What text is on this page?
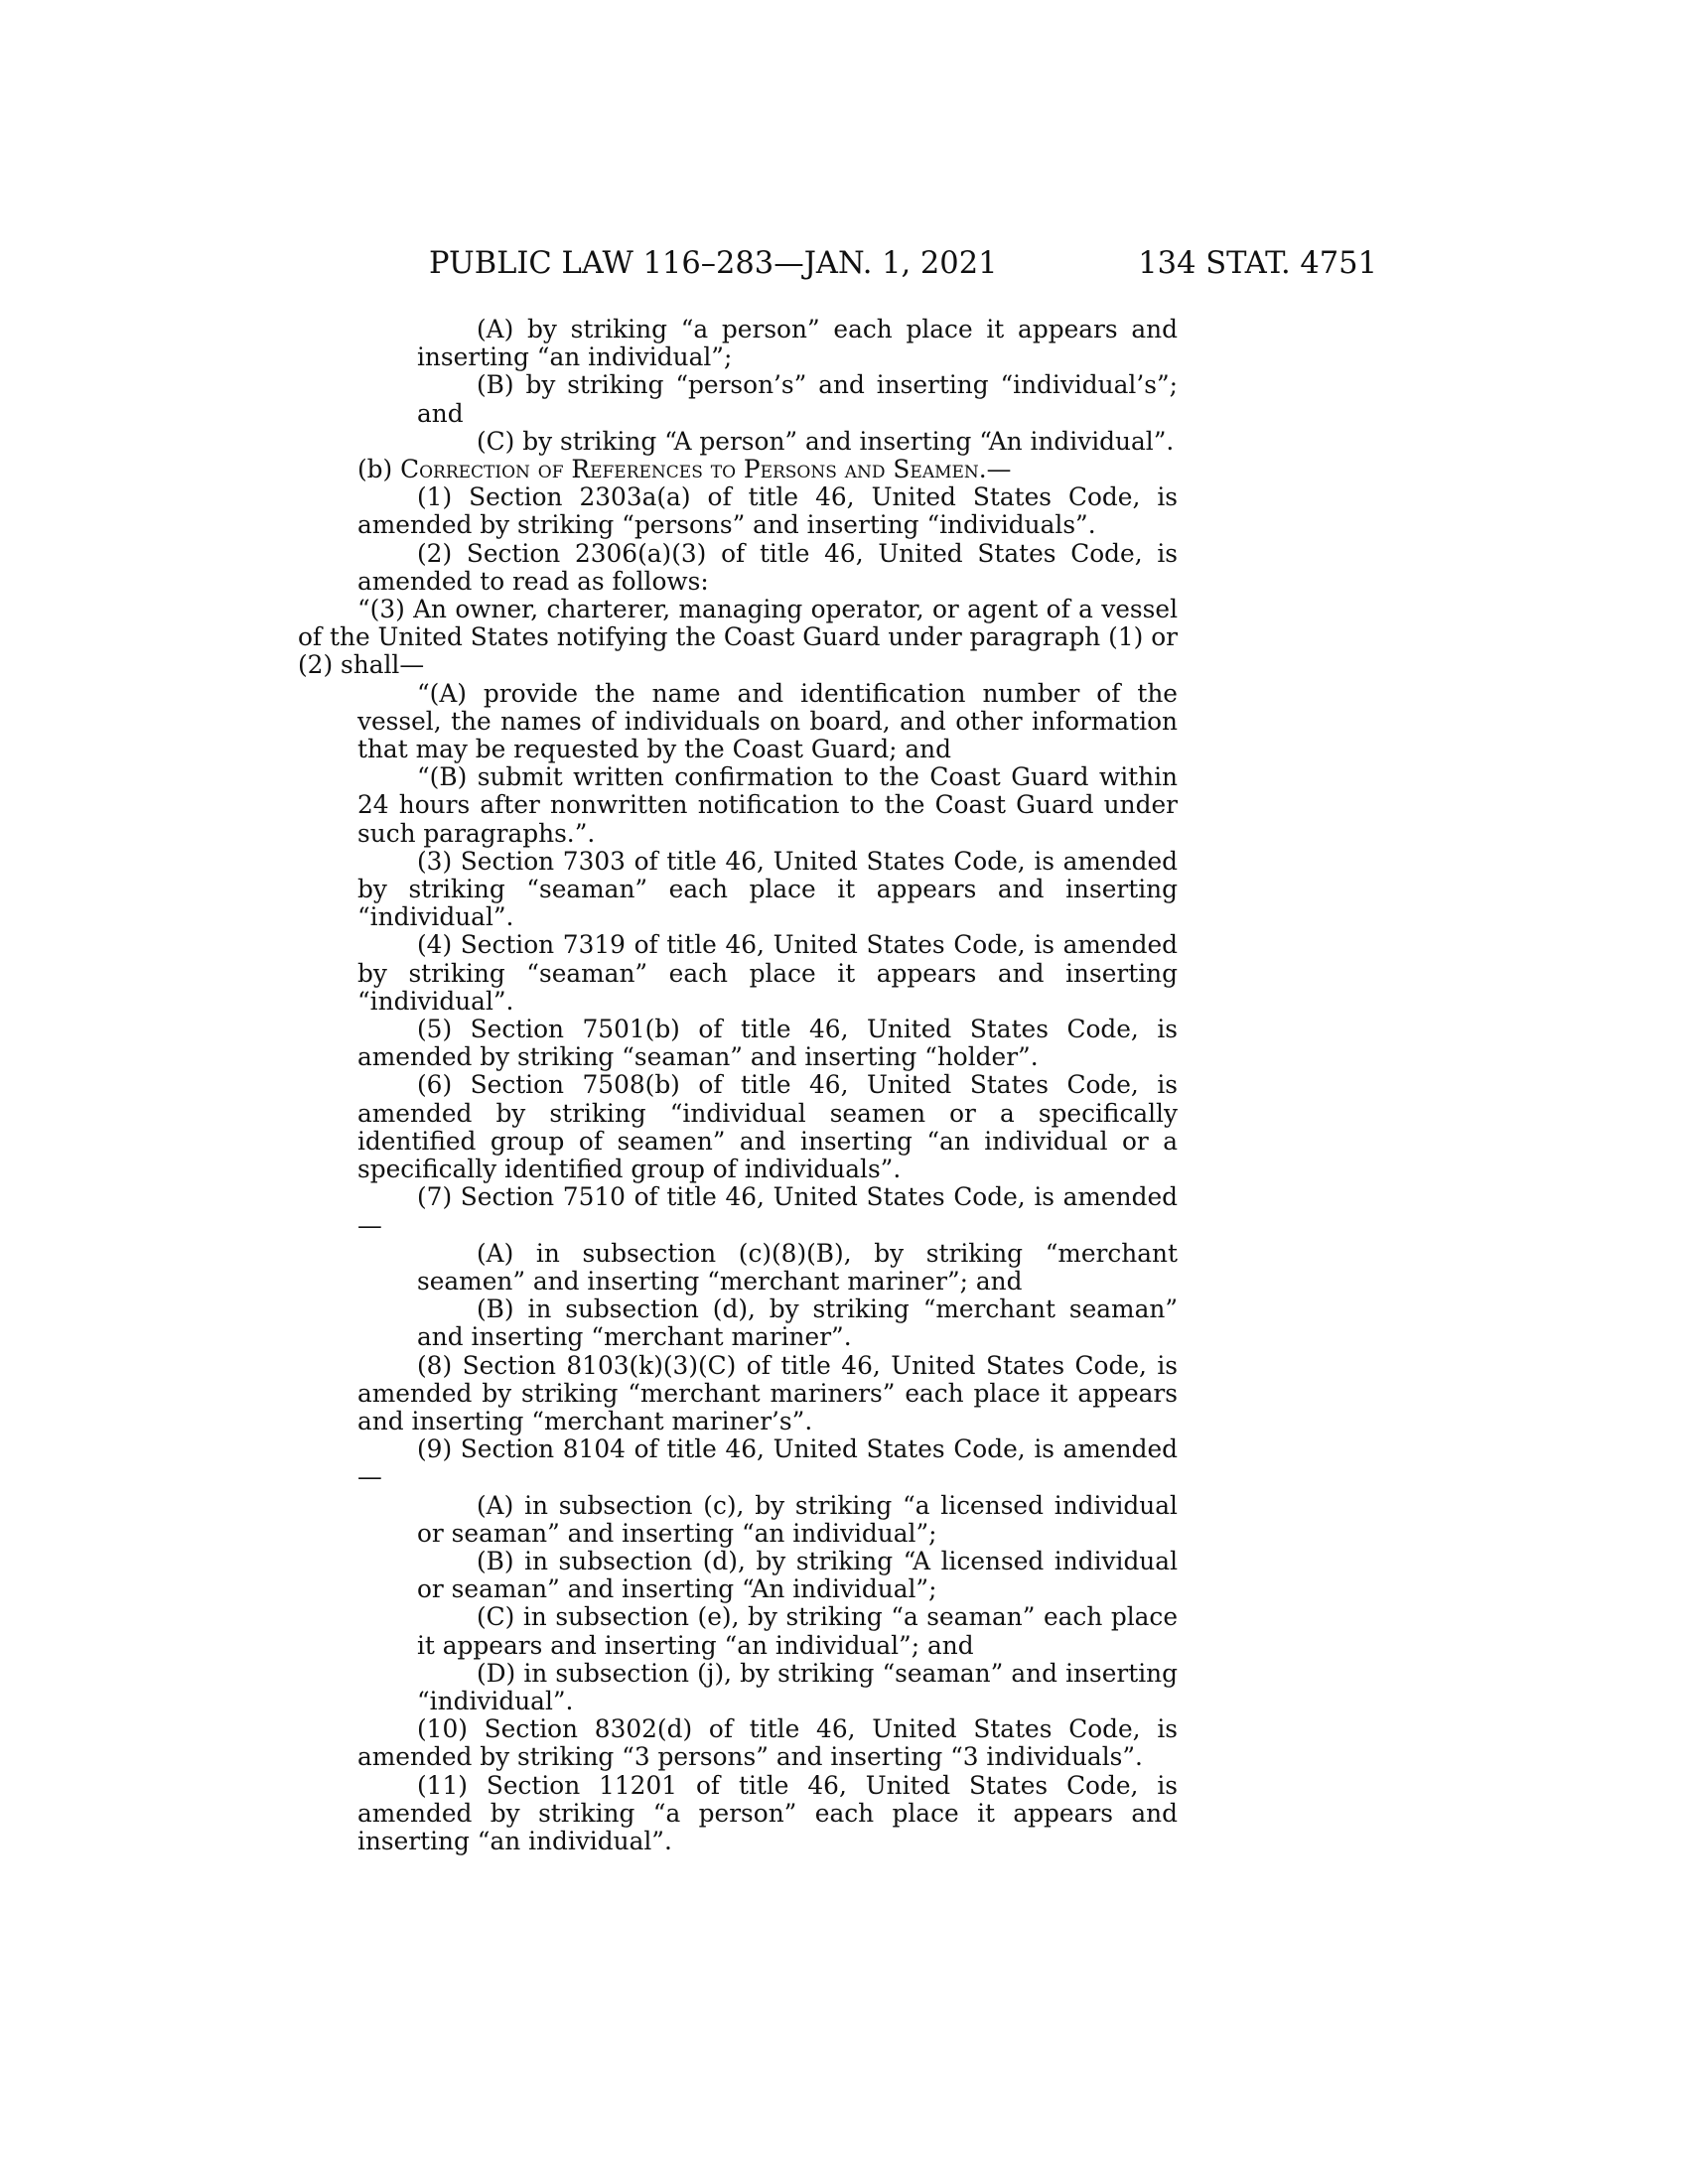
PUBLIC LAW 116–283—JAN. 1, 2021	134 STAT. 4751

(A) by striking “a person” each place it appears and inserting “an individual”;

(B) by striking “person’s” and inserting “individual’s”; and

(C) by striking “A person” and inserting “An individual”.

(b) Correction of References to Persons and Seamen.—

(1) Section 2303a(a) of title 46, United States Code, is amended by striking “persons” and inserting “individuals”.

(2) Section 2306(a)(3) of title 46, United States Code, is amended to read as follows:

“(3) An owner, charterer, managing operator, or agent of a vessel of the United States notifying the Coast Guard under paragraph (1) or (2) shall—

“(A) provide the name and identification number of the vessel, the names of individuals on board, and other information that may be requested by the Coast Guard; and

“(B) submit written confirmation to the Coast Guard within 24 hours after nonwritten notification to the Coast Guard under such paragraphs.”.

(3) Section 7303 of title 46, United States Code, is amended by striking “seaman” each place it appears and inserting “individual”.

(4) Section 7319 of title 46, United States Code, is amended by striking “seaman” each place it appears and inserting “individual”.

(5) Section 7501(b) of title 46, United States Code, is amended by striking “seaman” and inserting “holder”.

(6) Section 7508(b) of title 46, United States Code, is amended by striking “individual seamen or a specifically identified group of seamen” and inserting “an individual or a specifically identified group of individuals”.

(7) Section 7510 of title 46, United States Code, is amended—

(A) in subsection (c)(8)(B), by striking “merchant seamen” and inserting “merchant mariner”; and

(B) in subsection (d), by striking “merchant seaman” and inserting “merchant mariner”.

(8) Section 8103(k)(3)(C) of title 46, United States Code, is amended by striking “merchant mariners” each place it appears and inserting “merchant mariner’s”.

(9) Section 8104 of title 46, United States Code, is amended—

(A) in subsection (c), by striking “a licensed individual or seaman” and inserting “an individual”;

(B) in subsection (d), by striking “A licensed individual or seaman” and inserting “An individual”;

(C) in subsection (e), by striking “a seaman” each place it appears and inserting “an individual”; and

(D) in subsection (j), by striking “seaman” and inserting “individual”.

(10) Section 8302(d) of title 46, United States Code, is amended by striking “3 persons” and inserting “3 individuals”.

(11) Section 11201 of title 46, United States Code, is amended by striking “a person” each place it appears and inserting “an individual”.
